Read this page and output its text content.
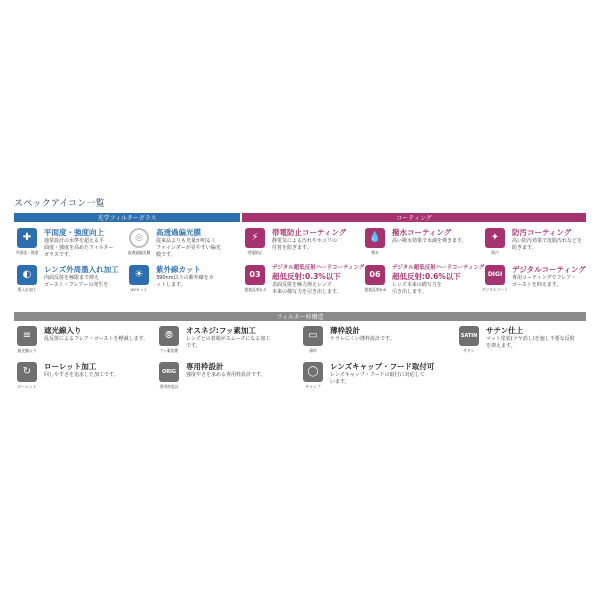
スペックアイコン一覧
光学フィルターガラス	コーティング
フィルター枠構造
✚
平面度・強度
平面度・強度向上
通常設計の水準を超える平
面度・強度を高めたフィルター
ガラスです。
◎
高透過偏光膜
高透過偏光膜
従来品よりも光量が明るく
ファインダーが見やすい偏光
膜です。
◐
墨入れ加工
レンズ外周墨入れ加工
内面反射を極限まで抑え
ゴースト・フレアーの発生を
☀
UVカット
紫外線カット
390nm以下の紫外線をカ
ットします。
⚡
帯電防止
帯電防止コーティング
静電気による汚れやホコリの
付着を防ぎます。
💧
撥水
撥水コーティング
高い撥水効果で水滴を弾きます。	✦
防汚
防汚コーティング
高い防汚効果で皮脂汚れなどを
防ぎます。
03
超低反射0.3
デジタル超低反射ハードコーティング
超低反射:0.3%以下
表面反射を極力抑えレンズ
本来の描写力を引き出します。
06
超低反射0.6
デジタル超低反射ハードコーティング
超低反射:0.6%以下
レンズ本来の描写力を
引き出します。
DIGI
デジタルコート
デジタルコーティング
専用コーティングでフレア・
ゴーストを抑えます。
≡
遮光腺入り
遮光線入り
乱反射によるフレア・ゴーストを軽減します。	⦾
フッ素処理
オスネジ:フッ素加工
レンズとの着脱がスムーズになる加工
です。
▭
薄枠
薄枠設計
ケラレにくい薄枠設計です。
SATIN
サテン
サテン仕上
マット塗装(ツヤ消し)を施し不要な反射
を抑えます。
↻
ローレット
ローレット加工
回しやすさを追求した加工です。
ORIG
専用枠設計
専用枠設計
強度やさを求める専用枠設計です。	◯
キャップ
レンズキャップ・フード取付可
レンズキャップ・フードの取付に対応して
います。
